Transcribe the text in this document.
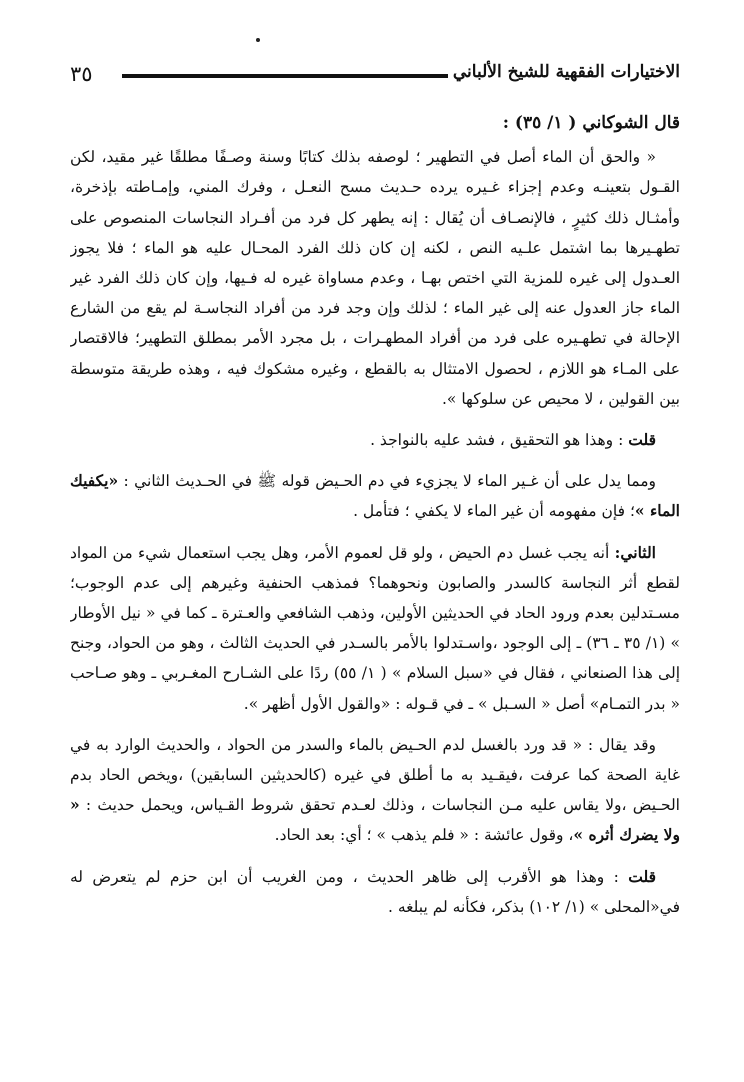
٣٥	الاختيارات الفقهية للشيخ الألباني

قال الشوكاني ( ١/ ٣٥) :

« والحق أن الماء أصل في التطهير ؛ لوصفه بذلك كتابًا وسنة وصـفًا مطلقًا غير مقيد، لكن القـول بتعينـه وعدم إجزاء غـيره يرده حـديث مسح النعـل ، وفرك المني، وإمـاطته بإذخرة، وأمثـال ذلك كثيرٍ ، فالإنصـاف أن يُقال : إنه يطهر كل فرد من أفـراد النجاسات المنصوص على تطهـيرها بما اشتمل علـيه النص ، لكنه إن كان ذلك الفرد المحـال عليه هو الماء ؛ فلا يجوز العـدول إلى غيره للمزية التي اختص بهـا ، وعدم مساواة غيره له فـيها، وإن كان ذلك الفرد غير الماء جاز العدول عنه إلى غير الماء ؛ لذلك وإن وجد فرد من أفراد النجاسـة لم يقع من الشارع الإحالة في تطهـيره على فرد من أفراد المطهـرات ، بل مجرد الأمر بمطلق التطهير؛ فالاقتصار على المـاء هو اللازم ، لحصول الامتثال به بالقطع ، وغيره مشكوك فيه ، وهذه طريقة متوسطة بين القولين ، لا محيص عن سلوكها ».

قلت : وهذا هو التحقيق ، فشد عليه بالنواجذ .

ومما يدل على أن غـير الماء لا يجزيء في دم الحـيض قوله ﷺ في الحـديث الثاني : «يكفيك الماء »؛ فإن مفهومه أن غير الماء لا يكفي ؛ فتأمل .

الثاني: أنه يجب غسل دم الحيض ، ولو قل لعموم الأمر، وهل يجب استعمال شيء من المواد لقطع أثر النجاسة كالسدر والصابون ونحوهما؟ فمذهب الحنفية وغيرهم إلى عدم الوجوب؛ مسـتدلين بعدم ورود الحاد في الحديثين الأولين، وذهب الشافعي والعـترة ـ كما في « نيل الأوطار » (١/ ٣٥ ـ ٣٦) ـ إلى الوجود ،واسـتدلوا بالأمر بالسـدر في الحديث الثالث ، وهو من الحواد، وجنح إلى هذا الصنعاني ، فقال في «سبل السلام » ( ١/ ٥٥) ردًا على الشـارح المغـربي ـ وهو صـاحب « بدر التمـام» أصل « السـبل » ـ في قـوله : «والقول الأول أظهر ».

وقد يقال : « قد ورد بالغسل لدم الحـيض بالماء والسدر من الحواد ، والحديث الوارد به في غاية الصحة كما عرفت ،فيقـيد به ما أطلق في غيره (كالحديثين السابقين) ،ويخص الحاد بدم الحـيض ،ولا يقاس عليه مـن النجاسات ، وذلك لعـدم تحقق شروط القـياس، ويحمل حديث : « ولا يضرك أثره »، وقول عائشة : « فلم يذهب » ؛ أي: بعد الحاد.

قلت : وهذا هو الأقرب إلى ظاهر الحديث ، ومن الغريب أن ابن حزم لم يتعرض له في«المحلى » (١/ ١٠٢) بذكر، فكأنه لم يبلغه .
